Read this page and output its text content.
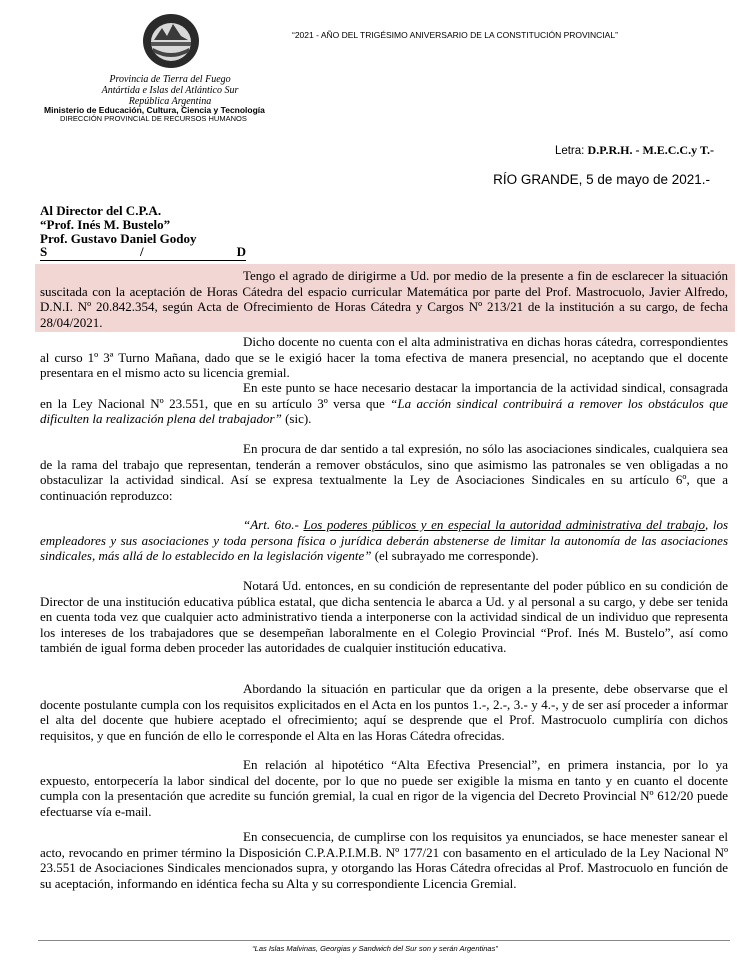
Provincia de Tierra del Fuego
Antártida e Islas del Atlántico Sur
República Argentina
Ministerio de Educación, Cultura, Ciencia y Tecnología
DIRECCIÓN PROVINCIAL DE RECURSOS HUMANOS
“2021 - AÑO DEL TRIGÉSIMO ANIVERSARIO DE LA CONSTITUCIÓN PROVINCIAL”
Letra: D.P.R.H. - M.E.C.C.y T.-
RÍO GRANDE, 5 de mayo de 2021.-
Al Director del C.P.A.
“Prof. Inés M. Bustelo”
Prof. Gustavo Daniel Godoy
S	/	D

Tengo el agrado de dirigirme a Ud. por medio de la presente a fin de esclarecer la situación suscitada con la aceptación de Horas Cátedra del espacio curricular Matemática por parte del Prof. Mastrocuolo, Javier Alfredo, D.N.I. Nº 20.842.354, según Acta de Ofrecimiento de Horas Cátedra y Cargos Nº 213/21 de la institución a su cargo, de fecha 28/04/2021.

Dicho docente no cuenta con el alta administrativa en dichas horas cátedra, correspondientes al curso 1º 3ª Turno Mañana, dado que se le exigió hacer la toma efectiva de manera presencial, no aceptando que el docente presentara en el mismo acto su licencia gremial.

En este punto se hace necesario destacar la importancia de la actividad sindical, consagrada en la Ley Nacional Nº 23.551, que en su artículo 3º versa que “La acción sindical contribuirá a remover los obstáculos que dificulten la realización plena del trabajador” (sic).

En procura de dar sentido a tal expresión, no sólo las asociaciones sindicales, cualquiera sea de la rama del trabajo que representan, tenderán a remover obstáculos, sino que asimismo las patronales se ven obligadas a no obstaculizar la actividad sindical. Así se expresa textualmente la Ley de Asociaciones Sindicales en su artículo 6º, que a continuación reproduzco:

“Art. 6to.- Los poderes públicos y en especial la autoridad administrativa del trabajo, los empleadores y sus asociaciones y toda persona física o jurídica deberán abstenerse de limitar la autonomía de las asociaciones sindicales, más allá de lo establecido en la legislación vigente” (el subrayado me corresponde).

Notará Ud. entonces, en su condición de representante del poder público en su condición de Director de una institución educativa pública estatal, que dicha sentencia le abarca a Ud. y al personal a su cargo, y debe ser tenida en cuenta toda vez que cualquier acto administrativo tienda a interponerse con la actividad sindical de un individuo que representa los intereses de los trabajadores que se desempeñan laboralmente en el Colegio Provincial “Prof. Inés M. Bustelo”, así como también de igual forma deben proceder las autoridades de cualquier institución educativa.

Abordando la situación en particular que da origen a la presente, debe observarse que el docente postulante cumpla con los requisitos explicitados en el Acta en los puntos 1.-, 2.-, 3.- y 4.-, y de ser así proceder a informar el alta del docente que hubiere aceptado el ofrecimiento; aquí se desprende que el Prof. Mastrocuolo cumpliría con dichos requisitos, y que en función de ello le corresponde el Alta en las Horas Cátedra ofrecidas.

En relación al hipotético “Alta Efectiva Presencial”, en primera instancia, por lo ya expuesto, entorpecería la labor sindical del docente, por lo que no puede ser exigible la misma en tanto y en cuanto el docente cumpla con la presentación que acredite su función gremial, la cual en rigor de la vigencia del Decreto Provincial Nº 612/20 puede efectuarse vía e-mail.

En consecuencia, de cumplirse con los requisitos ya enunciados, se hace menester sanear el acto, revocando en primer término la Disposición C.P.A.P.I.M.B. Nº 177/21 con basamento en el articulado de la Ley Nacional Nº 23.551 de Asociaciones Sindicales mencionados supra, y otorgando las Horas Cátedra ofrecidas al Prof. Mastrocuolo en función de su aceptación, informando en idéntica fecha su Alta y su correspondiente Licencia Gremial.

“Las Islas Malvinas, Georgias y Sandwich del Sur son y serán Argentinas”
